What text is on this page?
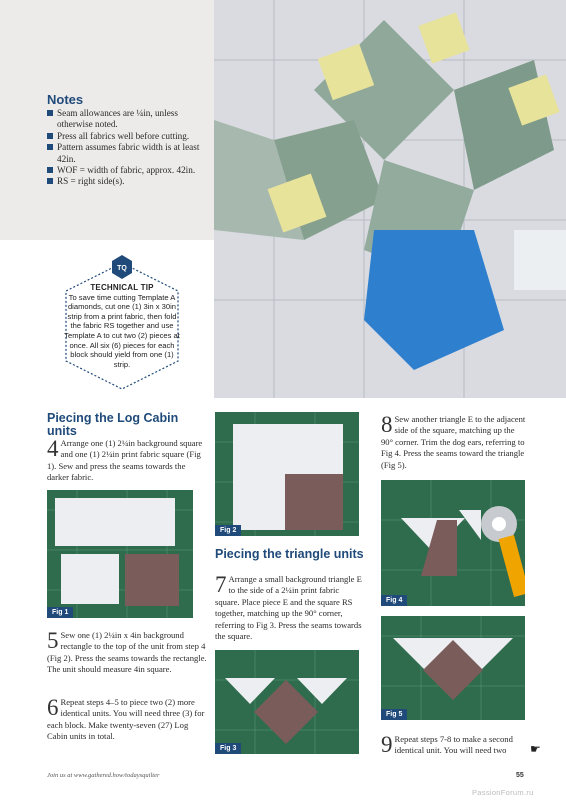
Notes
Seam allowances are ¼in, unless otherwise noted.
Press all fabrics well before cutting.
Pattern assumes fabric width is at least 42in.
WOF = width of fabric, approx. 42in.
RS = right side(s).
TQ
TECHNICAL TIP
To save time cutting Template A diamonds, cut one (1) 3in x 30in strip from a print fabric, then fold the fabric RS together and use Template A to cut two (2) pieces at once. All six (6) pieces for each block should yield from one (1) strip.
Piecing the Log Cabin units
4 Arrange one (1) 2¼in background square and one (1) 2¼in print fabric square (Fig 1). Sew and press the seams towards the darker fabric.
Fig 1
5 Sew one (1) 2¼in x 4in background rectangle to the top of the unit from step 4 (Fig 2). Press the seams towards the rectangle. The unit should measure 4in square.
6 Repeat steps 4–5 to piece two (2) more identical units. You will need three (3) for each block. Make twenty-seven (27) Log Cabin units in total.
Fig 2
Piecing the triangle units
7 Arrange a small background triangle E to the side of a 2¼in print fabric square. Place piece E and the square RS together, matching up the 90° corner, referring to Fig 3. Press the seams towards the square.
Fig 3
8 Sew another triangle E to the adjacent side of the square, matching up the 90° corner. Trim the dog ears, referring to Fig 4. Press the seams toward the triangle (Fig 5).
Fig 4
Fig 5
9 Repeat steps 7-8 to make a second identical unit. You will need two	☛
Join us at www.gathered.how/todaysquilter	55
PassionForum.ru
